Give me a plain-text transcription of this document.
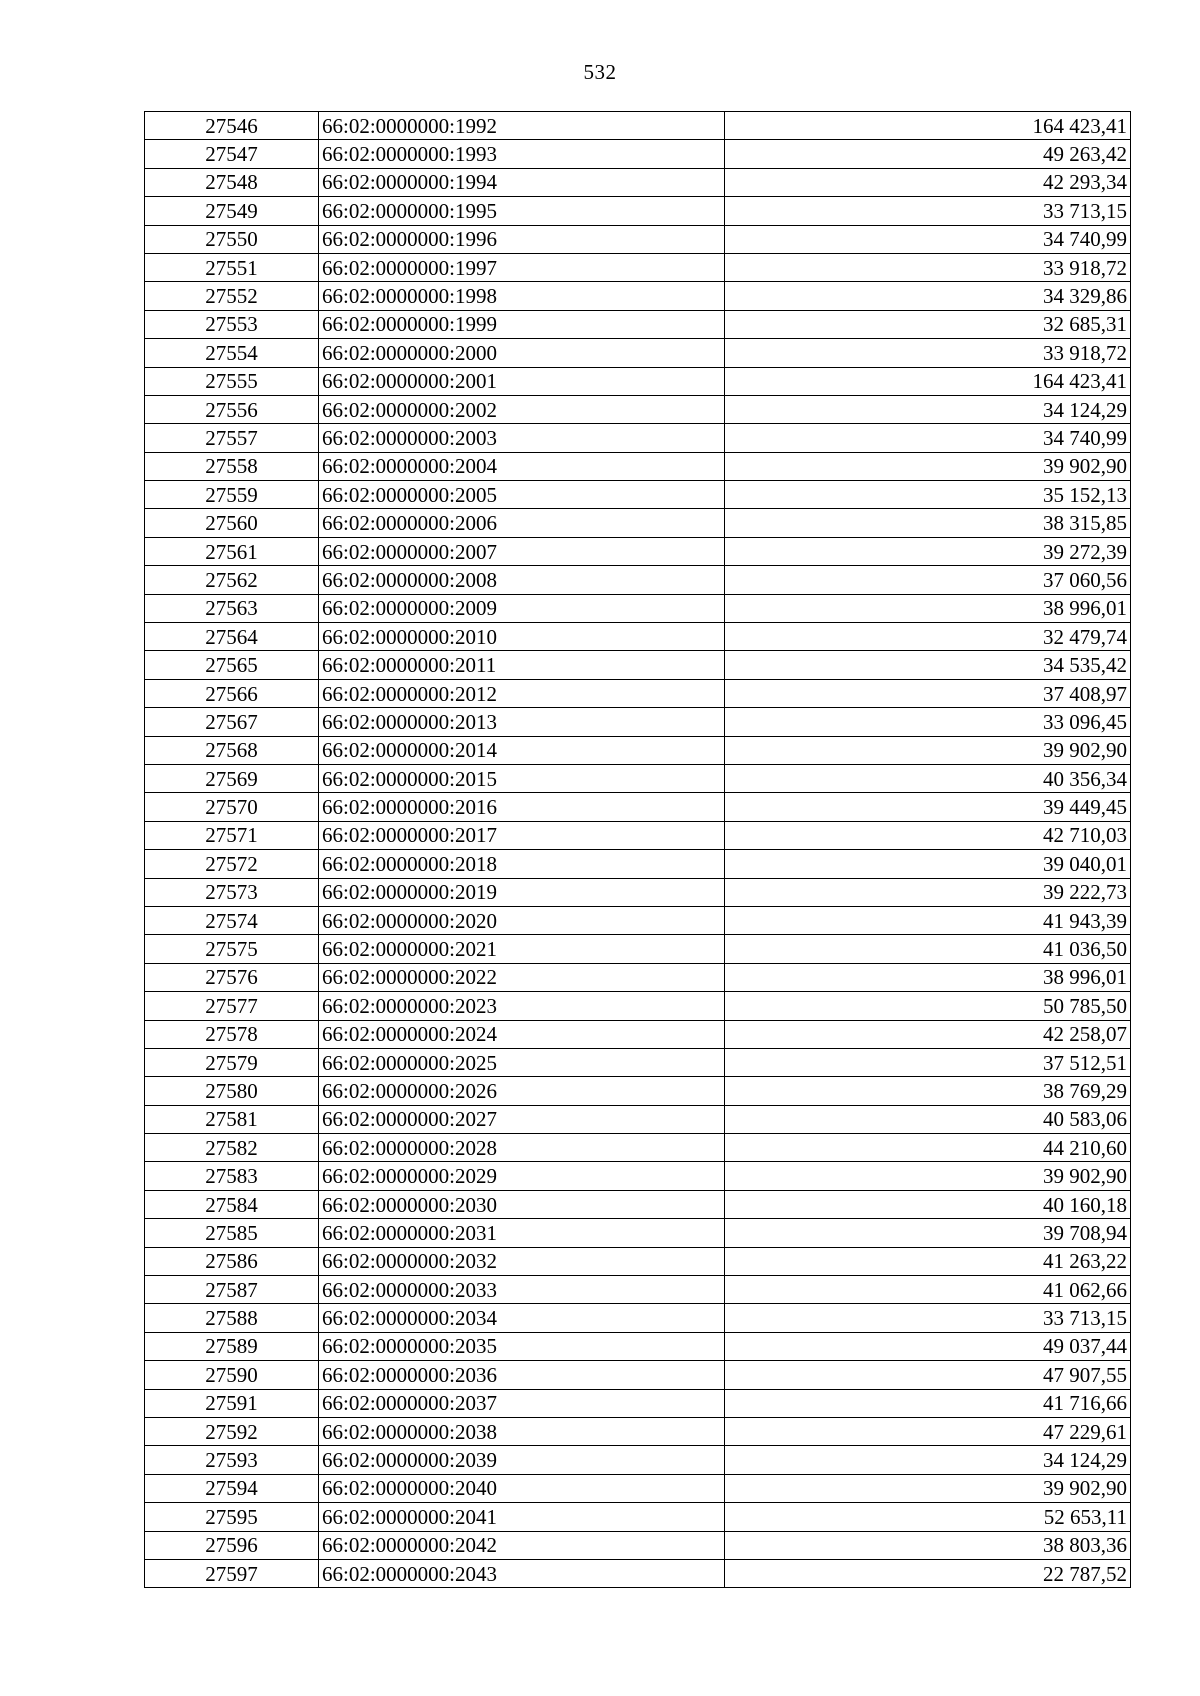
532
27546	66:02:0000000:1992	164 423,41
27547	66:02:0000000:1993	49 263,42
27548	66:02:0000000:1994	42 293,34
27549	66:02:0000000:1995	33 713,15
27550	66:02:0000000:1996	34 740,99
27551	66:02:0000000:1997	33 918,72
27552	66:02:0000000:1998	34 329,86
27553	66:02:0000000:1999	32 685,31
27554	66:02:0000000:2000	33 918,72
27555	66:02:0000000:2001	164 423,41
27556	66:02:0000000:2002	34 124,29
27557	66:02:0000000:2003	34 740,99
27558	66:02:0000000:2004	39 902,90
27559	66:02:0000000:2005	35 152,13
27560	66:02:0000000:2006	38 315,85
27561	66:02:0000000:2007	39 272,39
27562	66:02:0000000:2008	37 060,56
27563	66:02:0000000:2009	38 996,01
27564	66:02:0000000:2010	32 479,74
27565	66:02:0000000:2011	34 535,42
27566	66:02:0000000:2012	37 408,97
27567	66:02:0000000:2013	33 096,45
27568	66:02:0000000:2014	39 902,90
27569	66:02:0000000:2015	40 356,34
27570	66:02:0000000:2016	39 449,45
27571	66:02:0000000:2017	42 710,03
27572	66:02:0000000:2018	39 040,01
27573	66:02:0000000:2019	39 222,73
27574	66:02:0000000:2020	41 943,39
27575	66:02:0000000:2021	41 036,50
27576	66:02:0000000:2022	38 996,01
27577	66:02:0000000:2023	50 785,50
27578	66:02:0000000:2024	42 258,07
27579	66:02:0000000:2025	37 512,51
27580	66:02:0000000:2026	38 769,29
27581	66:02:0000000:2027	40 583,06
27582	66:02:0000000:2028	44 210,60
27583	66:02:0000000:2029	39 902,90
27584	66:02:0000000:2030	40 160,18
27585	66:02:0000000:2031	39 708,94
27586	66:02:0000000:2032	41 263,22
27587	66:02:0000000:2033	41 062,66
27588	66:02:0000000:2034	33 713,15
27589	66:02:0000000:2035	49 037,44
27590	66:02:0000000:2036	47 907,55
27591	66:02:0000000:2037	41 716,66
27592	66:02:0000000:2038	47 229,61
27593	66:02:0000000:2039	34 124,29
27594	66:02:0000000:2040	39 902,90
27595	66:02:0000000:2041	52 653,11
27596	66:02:0000000:2042	38 803,36
27597	66:02:0000000:2043	22 787,52
